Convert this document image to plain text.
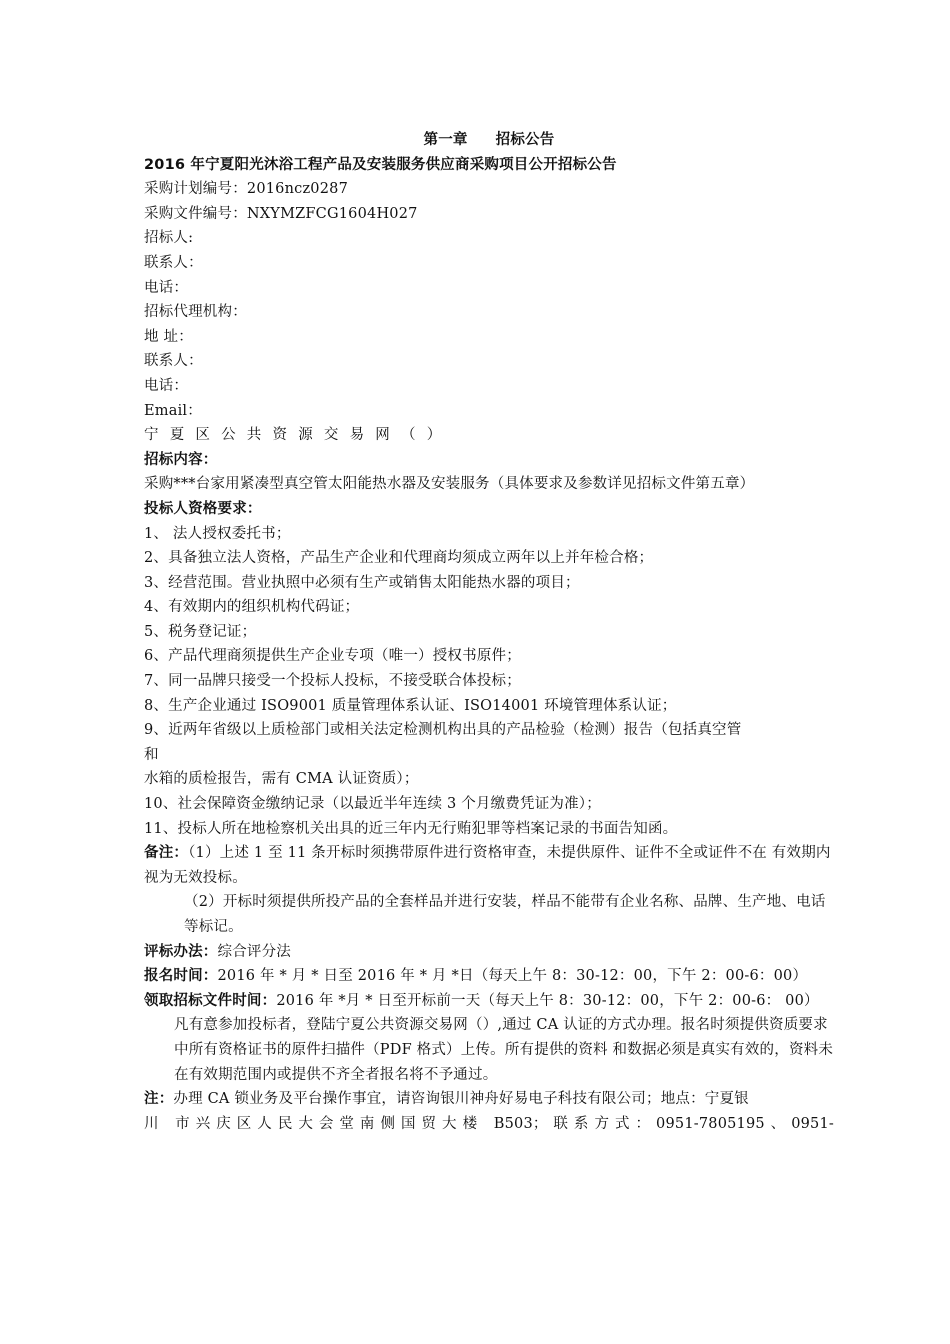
第一章 招标公告
2016 年宁夏阳光沐浴工程产品及安装服务供应商采购项目公开招标公告
采购计划编号：2016ncz0287
采购文件编号：NXYMZFCG1604H027
招标人:
联系人：
电话：
招标代理机构：
地 址：
联系人：
电话：
Email：
宁夏区公共资源交易网（）
招标内容：
采购***台家用紧凑型真空管太阳能热水器及安装服务（具体要求及参数详见招标文件第五章）
投标人资格要求：
1、 法人授权委托书；
2、具备独立法人资格，产品生产企业和代理商均须成立两年以上并年检合格；
3、经营范围。营业执照中必须有生产或销售太阳能热水器的项目；
4、有效期内的组织机构代码证；
5、税务登记证；
6、产品代理商须提供生产企业专项（唯一）授权书原件；
7、同一品牌只接受一个投标人投标，不接受联合体投标；
8、生产企业通过 ISO9001 质量管理体系认证、ISO14001 环境管理体系认证；
9、近两年省级以上质检部门或相关法定检测机构出具的产品检验（检测）报告（包括真空管
和
水箱的质检报告，需有 CMA 认证资质）；
10、社会保障资金缴纳记录（以最近半年连续 3 个月缴费凭证为准）；
11、投标人所在地检察机关出具的近三年内无行贿犯罪等档案记录的书面告知函。
备注：（1）上述 1 至 11 条开标时须携带原件进行资格审查，未提供原件、证件不全或证件不在 有效期内视为无效投标。
（2）开标时须提供所投产品的全套样品并进行安装，样品不能带有企业名称、品牌、生产地、电话等标记。
评标办法：综合评分法
报名时间：2016 年 * 月 * 日至 2016 年 * 月 *日（每天上午 8：30-12：00，下午 2：00-6：00）
领取招标文件时间：2016 年 *月 * 日至开标前一天（每天上午 8：30-12：00，下午 2：00-6： 00）
凡有意参加投标者，登陆宁夏公共资源交易网（）,通过 CA 认证的方式办理。报名时须提供资质要求中所有资格证书的原件扫描件（PDF 格式）上传。所有提供的资料 和数据必须是真实有效的，资料未在有效期范围内或提供不齐全者报名将不予通过。
注：办理 CA 锁业务及平台操作事宜，请咨询银川神舟好易电子科技有限公司；地点：宁夏银
川 市兴庆区人民大会堂南侧国贸大楼 B503；联系方式：0951-7805195、0951-
